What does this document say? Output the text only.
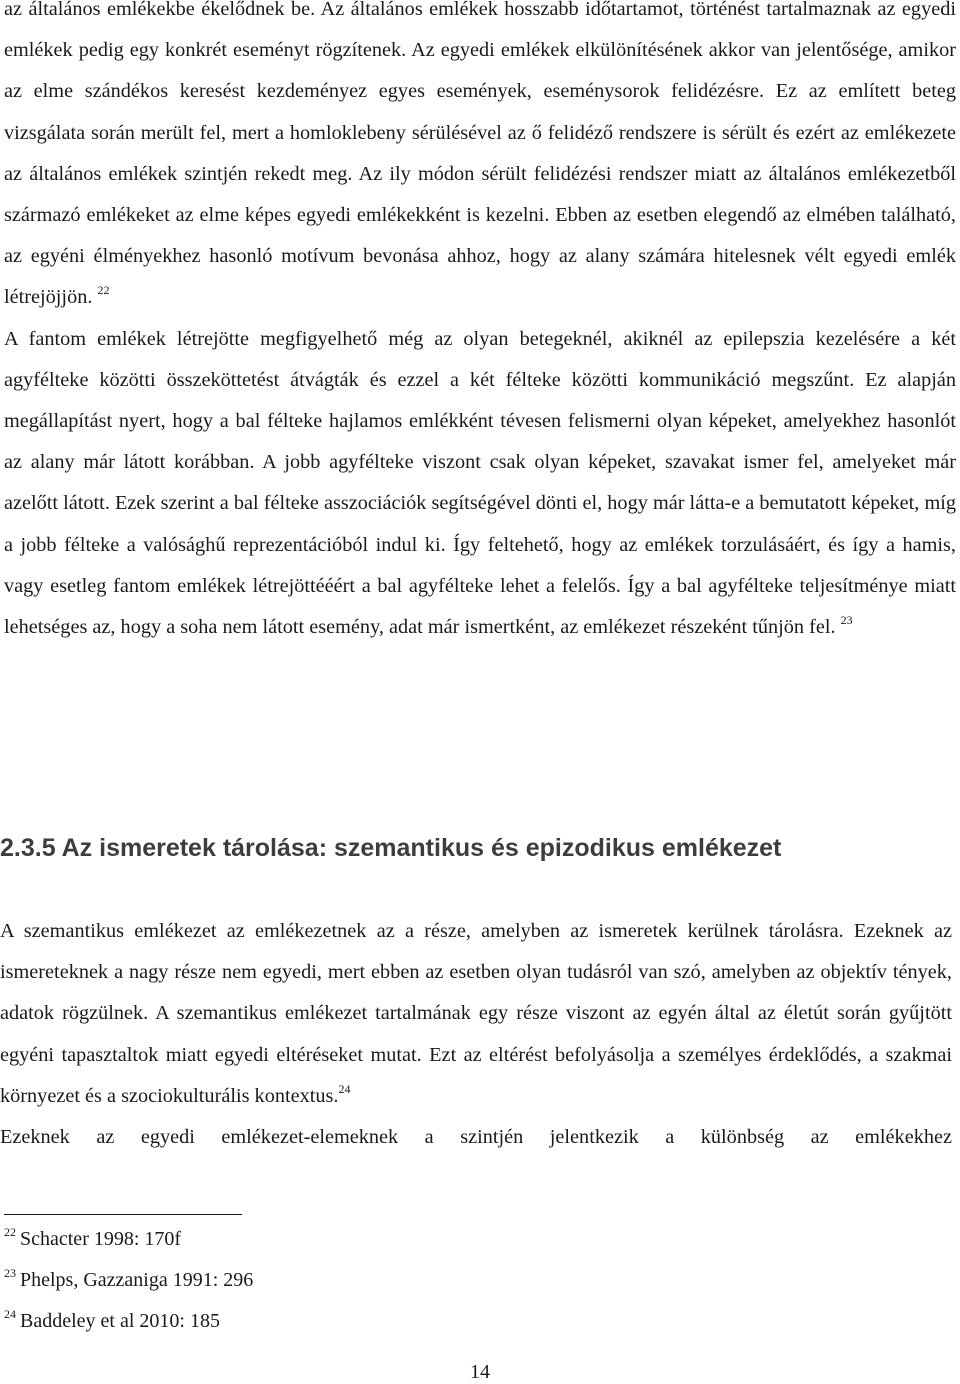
az általános emlékekbe ékelődnek be. Az általános emlékek hosszabb időtartamot, történést tartalmaznak az egyedi emlékek pedig egy konkrét eseményt rögzítenek. Az egyedi emlékek elkülönítésének akkor van jelentősége, amikor az elme szándékos keresést kezdeményez egyes események, eseménysorok felidézésre. Ez az említett beteg vizsgálata során merült fel, mert a homloklebeny sérülésével az ő felidéző rendszere is sérült és ezért az emlékezete az általános emlékek szintjén rekedt meg. Az ily módon sérült felidézési rendszer miatt az általános emlékezetből származó emlékeket az elme képes egyedi emlékekként is kezelni. Ebben az esetben elegendő az elmében található, az egyéni élményekhez hasonló motívum bevonása ahhoz, hogy az alany számára hitelesnek vélt egyedi emlék létrejöjjön. $^{22}$

A fantom emlékek létrejötte megfigyelhető még az olyan betegeknél, akiknél az epilepszia kezelésére a két agyféltekе közötti összeköttetést átvágták és ezzel a két félteke közötti kommunikáció megszűnt. Ez alapján megállapítást nyert, hogy a bal félteke hajlamos emlékként tévesen felismerni olyan képeket, amelyekhez hasonlót az alany már látott korábban. A jobb agyfélteke viszont csak olyan képeket, szavakat ismer fel, amelyeket már azelőtt látott. Ezek szerint a bal félteke asszociációk segítségével dönti el, hogy már látta-e a bemutatott képeket, míg a jobb félteke a valósághű reprezentációból indul ki. Így feltehető, hogy az emlékek torzulásáért, és így a hamis, vagy esetleg fantom emlékek létrejöttééért a bal agyfélteke lehet a felelős. Így a bal agyfélteke teljesítménye miatt lehetséges az, hogy a soha nem látott esemény, adat már ismertként, az emlékezet részeként tűnjön fel. $^{23}$

2.3.5 Az ismeretek tárolása: szemantikus és epizodikus emlékezet

A szemantikus emlékezet az emlékezetnek az a része, amelyben az ismeretek kerülnek tárolásra. Ezeknek az ismereteknek a nagy része nem egyedi, mert ebben az esetben olyan tudásról van szó, amelyben az objektív tények, adatok rögzülnek. A szemantikus emlékezet tartalmának egy része viszont az egyén által az életút során gyűjtött egyéni tapasztaltok miatt egyedi eltéréseket mutat. Ezt az eltérést befolyásolja a személyes érdeklődés, a szakmai környezet és a szociokulturális kontextus.$^{24}$

Ezeknek az egyedi emlékezet-elemeknek a szintjén jelentkezik a különbség az emlékekhez

$^{22}$ Schacter 1998: 170f
$^{23}$ Phelps, Gazzaniga 1991: 296
$^{24}$ Baddeley et al 2010: 185
14
